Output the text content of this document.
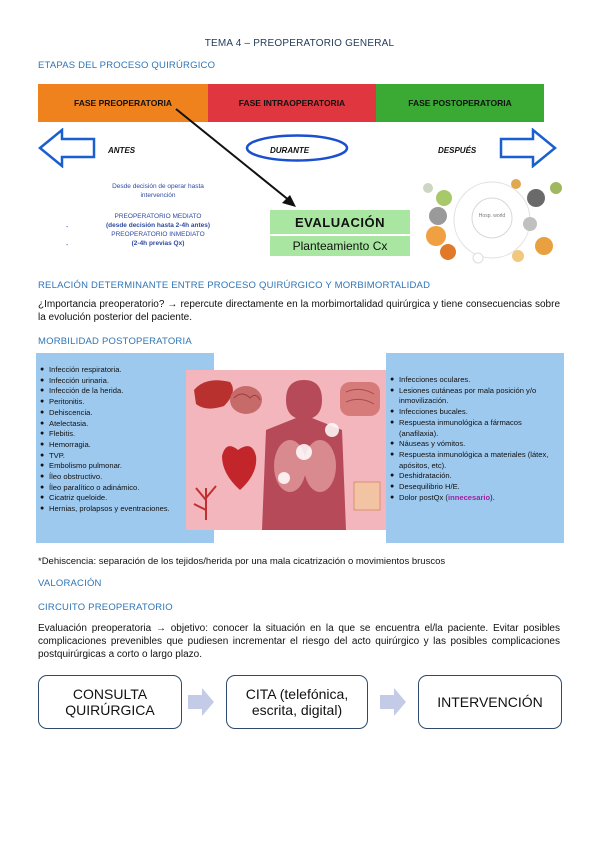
TEMA 4 – PREOPERATORIO GENERAL
ETAPAS DEL PROCESO QUIRÚRGICO
FASE PREOPERATORIA	FASE INTRAOPERATORIA	FASE POSTOPERATORIA
ANTES	DURANTE	DESPUÉS
Desde decisión de operar hasta
intervención
PREOPERATORIO MEDIATO
(desde decisión hasta 2-4h antes)
PREOPERATORIO INMEDIATO
(2-4h previas Qx)
-
-
EVALUACIÓN
Planteamiento Cx
Hosp. world
RELACIÓN DETERMINANTE ENTRE PROCESO QUIRÚRGICO Y MORBIMORTALIDAD
¿Importancia preoperatorio? → repercute directamente en la morbimortalidad quirúrgica y tiene consecuencias sobre la evolución posterior del paciente.
MORBILIDAD POSTOPERATORIA
● Infección respiratoria.
● Infección urinaria.
● Infección de la herida.
● Peritonitis.
● Dehiscencia.
● Atelectasia.
● Flebitis.
● Hemorragia.
● TVP.
● Embolismo pulmonar.
● Íleo obstructivo.
● Íleo paralítico o adinámico.
● Cicatriz queloide.
● Hernias, prolapsos y eventraciones.
● Infecciones oculares.
● Lesiones cutáneas por mala posición y/o inmovilización.
● Infecciones bucales.
● Respuesta inmunológica a fármacos (anafilaxia).
● Náuseas y vómitos.
● Respuesta inmunológica a materiales (látex, apósitos, etc).
● Deshidratación.
● Desequilibrio H/E.
● Dolor postQx (innecesario).
*Dehiscencia: separación de los tejidos/herida por una mala cicatrización o movimientos bruscos
VALORACIÓN
CIRCUITO PREOPERATORIO
Evaluación preoperatoria → objetivo: conocer la situación en la que se encuentra el/la paciente. Evitar posibles complicaciones prevenibles que pudiesen incrementar el riesgo del acto quirúrgico y las posibles complicaciones postquirúrgicas a corto o largo plazo.
CONSULTA
QUIRÚRGICA
CITA (telefónica,
escrita, digital)	INTERVENCIÓN
